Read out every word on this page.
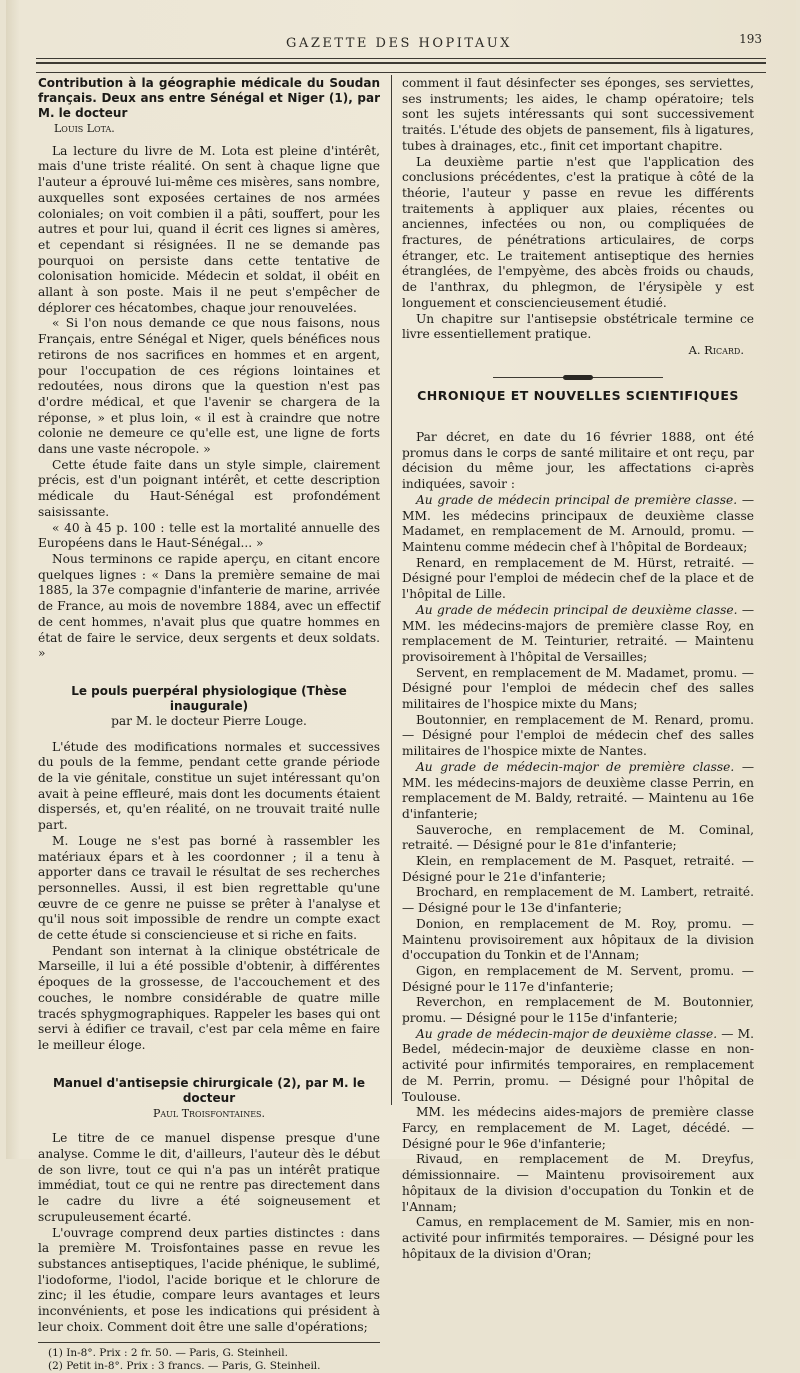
GAZETTE DES HOPITAUX	193
Contribution à la géographie médicale du Soudan français. Deux ans entre Sénégal et Niger (1), par M. le docteur
Louis Lota.

La lecture du livre de M. Lota est pleine d'intérêt, mais d'une triste réalité. On sent à chaque ligne que l'auteur a éprouvé lui-même ces misères, sans nombre, auxquelles sont exposées certaines de nos armées coloniales; on voit combien il a pâti, souffert, pour les autres et pour lui, quand il écrit ces lignes si amères, et cependant si résignées. Il ne se demande pas pourquoi on persiste dans cette tentative de colonisation homicide. Médecin et soldat, il obéit en allant à son poste. Mais il ne peut s'empêcher de déplorer ces hécatombes, chaque jour renouvelées.

« Si l'on nous demande ce que nous faisons, nous Français, entre Sénégal et Niger, quels bénéfices nous retirons de nos sacrifices en hommes et en argent, pour l'occupation de ces régions lointaines et redoutées, nous dirons que la question n'est pas d'ordre médical, et que l'avenir se chargera de la réponse, » et plus loin, « il est à craindre que notre colonie ne demeure ce qu'elle est, une ligne de forts dans une vaste nécropole. »

Cette étude faite dans un style simple, clairement précis, est d'un poignant intérêt, et cette description médicale du Haut-Sénégal est profondément saisissante.

« 40 à 45 p. 100 : telle est la mortalité annuelle des Européens dans le Haut-Sénégal... »

Nous terminons ce rapide aperçu, en citant encore quelques lignes : « Dans la première semaine de mai 1885, la 37e compagnie d'infanterie de marine, arrivée de France, au mois de novembre 1884, avec un effectif de cent hommes, n'avait plus que quatre hommes en état de faire le service, deux sergents et deux soldats. »

Le pouls puerpéral physiologique (Thèse inaugurale)
par M. le docteur Pierre Louge.

L'étude des modifications normales et successives du pouls de la femme, pendant cette grande période de la vie génitale, constitue un sujet intéressant qu'on avait à peine effleuré, mais dont les documents étaient dispersés, et, qu'en réalité, on ne trouvait traité nulle part.

M. Louge ne s'est pas borné à rassembler les matériaux épars et à les coordonner ; il a tenu à apporter dans ce travail le résultat de ses recherches personnelles. Aussi, il est bien regrettable qu'une œuvre de ce genre ne puisse se prêter à l'analyse et qu'il nous soit impossible de rendre un compte exact de cette étude si consciencieuse et si riche en faits.

Pendant son internat à la clinique obstétricale de Marseille, il lui a été possible d'obtenir, à différentes époques de la grossesse, de l'accouchement et des couches, le nombre considérable de quatre mille tracés sphygmographiques. Rappeler les bases qui ont servi à édifier ce travail, c'est par cela même en faire le meilleur éloge.

Manuel d'antisepsie chirurgicale (2), par M. le docteur
Paul Troisfontaines.

Le titre de ce manuel dispense presque d'une analyse. Comme le dit, d'ailleurs, l'auteur dès le début de son livre, tout ce qui n'a pas un intérêt pratique immédiat, tout ce qui ne rentre pas directement dans le cadre du livre a été soigneusement et scrupuleusement écarté.

L'ouvrage comprend deux parties distinctes : dans la première M. Troisfontaines passe en revue les substances antiseptiques, l'acide phénique, le sublimé, l'iodoforme, l'iodol, l'acide borique et le chlorure de zinc; il les étudie, compare leurs avantages et leurs inconvénients, et pose les indications qui président à leur choix. Comment doit être une salle d'opérations;

(1) In-8°. Prix : 2 fr. 50. — Paris, G. Steinheil.

(2) Petit in-8°. Prix : 3 francs. — Paris, G. Steinheil.

comment il faut désinfecter ses éponges, ses serviettes, ses instruments; les aides, le champ opératoire; tels sont les sujets intéressants qui sont successivement traités. L'étude des objets de pansement, fils à ligatures, tubes à drainages, etc., finit cet important chapitre.

La deuxième partie n'est que l'application des conclusions précédentes, c'est la pratique à côté de la théorie, l'auteur y passe en revue les différents traitements à appliquer aux plaies, récentes ou anciennes, infectées ou non, ou compliquées de fractures, de pénétrations articulaires, de corps étranger, etc. Le traitement antiseptique des hernies étranglées, de l'empyème, des abcès froids ou chauds, de l'anthrax, du phlegmon, de l'érysipèle y est longuement et consciencieusement étudié.

Un chapitre sur l'antisepsie obstétricale termine ce livre essentiellement pratique.

A. Ricard.
CHRONIQUE ET NOUVELLES SCIENTIFIQUES

Par décret, en date du 16 février 1888, ont été promus dans le corps de santé militaire et ont reçu, par décision du même jour, les affectations ci-après indiquées, savoir :

Au grade de médecin principal de première classe. — MM. les médecins principaux de deuxième classe Madamet, en remplacement de M. Arnould, promu. — Maintenu comme médecin chef à l'hôpital de Bordeaux;

Renard, en remplacement de M. Hürst, retraité. — Désigné pour l'emploi de médecin chef de la place et de l'hôpital de Lille.

Au grade de médecin principal de deuxième classe. — MM. les médecins-majors de première classe Roy, en remplacement de M. Teinturier, retraité. — Maintenu provisoirement à l'hôpital de Versailles;

Servent, en remplacement de M. Madamet, promu. — Désigné pour l'emploi de médecin chef des salles militaires de l'hospice mixte du Mans;

Boutonnier, en remplacement de M. Renard, promu. — Désigné pour l'emploi de médecin chef des salles militaires de l'hospice mixte de Nantes.

Au grade de médecin-major de première classe. — MM. les médecins-majors de deuxième classe Perrin, en remplacement de M. Baldy, retraité. — Maintenu au 16e d'infanterie;

Sauveroche, en remplacement de M. Cominal, retraité. — Désigné pour le 81e d'infanterie;

Klein, en remplacement de M. Pasquet, retraité. — Désigné pour le 21e d'infanterie;

Brochard, en remplacement de M. Lambert, retraité. — Désigné pour le 13e d'infanterie;

Donion, en remplacement de M. Roy, promu. — Maintenu provisoirement aux hôpitaux de la division d'occupation du Tonkin et de l'Annam;

Gigon, en remplacement de M. Servent, promu. — Désigné pour le 117e d'infanterie;

Reverchon, en remplacement de M. Boutonnier, promu. — Désigné pour le 115e d'infanterie;

Au grade de médecin-major de deuxième classe. — M. Bedel, médecin-major de deuxième classe en non-activité pour infirmités temporaires, en remplacement de M. Perrin, promu. — Désigné pour l'hôpital de Toulouse.

MM. les médecins aides-majors de première classe Farcy, en remplacement de M. Laget, décédé. — Désigné pour le 96e d'infanterie;

Rivaud, en remplacement de M. Dreyfus, démissionnaire. — Maintenu provisoirement aux hôpitaux de la division d'occupation du Tonkin et de l'Annam;

Camus, en remplacement de M. Samier, mis en non-activité pour infirmités temporaires. — Désigné pour les hôpitaux de la division d'Oran;
